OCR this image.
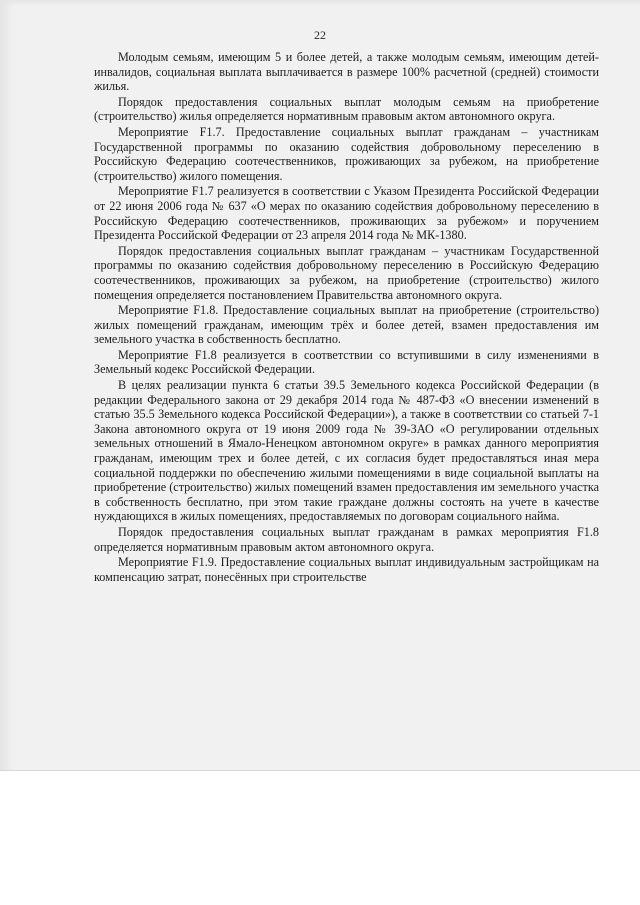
22

Молодым семьям, имеющим 5 и более детей, а также молодым семьям, имеющим детей-инвалидов, социальная выплата выплачивается в размере 100% расчетной (средней) стоимости жилья.

Порядок предоставления социальных выплат молодым семьям на приобретение (строительство) жилья определяется нормативным правовым актом автономного округа.

Мероприятие F1.7. Предоставление социальных выплат гражданам – участникам Государственной программы по оказанию содействия добровольному переселению в Российскую Федерацию соотечественников, проживающих за рубежом, на приобретение (строительство) жилого помещения.

Мероприятие F1.7 реализуется в соответствии с Указом Президента Российской Федерации от 22 июня 2006 года № 637 «О мерах по оказанию содействия добровольному переселению в Российскую Федерацию соотечественников, проживающих за рубежом» и поручением Президента Российской Федерации от 23 апреля 2014 года № МК-1380.

Порядок предоставления социальных выплат гражданам – участникам Государственной программы по оказанию содействия добровольному переселению в Российскую Федерацию соотечественников, проживающих за рубежом, на приобретение (строительство) жилого помещения определяется постановлением Правительства автономного округа.

Мероприятие F1.8. Предоставление социальных выплат на приобретение (строительство) жилых помещений гражданам, имеющим трёх и более детей, взамен предоставления им земельного участка в собственность бесплатно.

Мероприятие F1.8 реализуется в соответствии со вступившими в силу изменениями в Земельный кодекс Российской Федерации.

В целях реализации пункта 6 статьи 39.5 Земельного кодекса Российской Федерации (в редакции Федерального закона от 29 декабря 2014 года № 487-ФЗ «О внесении изменений в статью 35.5 Земельного кодекса Российской Федерации»), а также в соответствии со статьей 7-1 Закона автономного округа от 19 июня 2009 года № 39-ЗАО «О регулировании отдельных земельных отношений в Ямало-Ненецком автономном округе» в рамках данного мероприятия гражданам, имеющим трех и более детей, с их согласия будет предоставляться иная мера социальной поддержки по обеспечению жилыми помещениями в виде социальной выплаты на приобретение (строительство) жилых помещений взамен предоставления им земельного участка в собственность бесплатно, при этом такие граждане должны состоять на учете в качестве нуждающихся в жилых помещениях, предоставляемых по договорам социального найма.

Порядок предоставления социальных выплат гражданам в рамках мероприятия F1.8 определяется нормативным правовым актом автономного округа.

Мероприятие F1.9. Предоставление социальных выплат индивидуальным застройщикам на компенсацию затрат, понесённых при строительстве
